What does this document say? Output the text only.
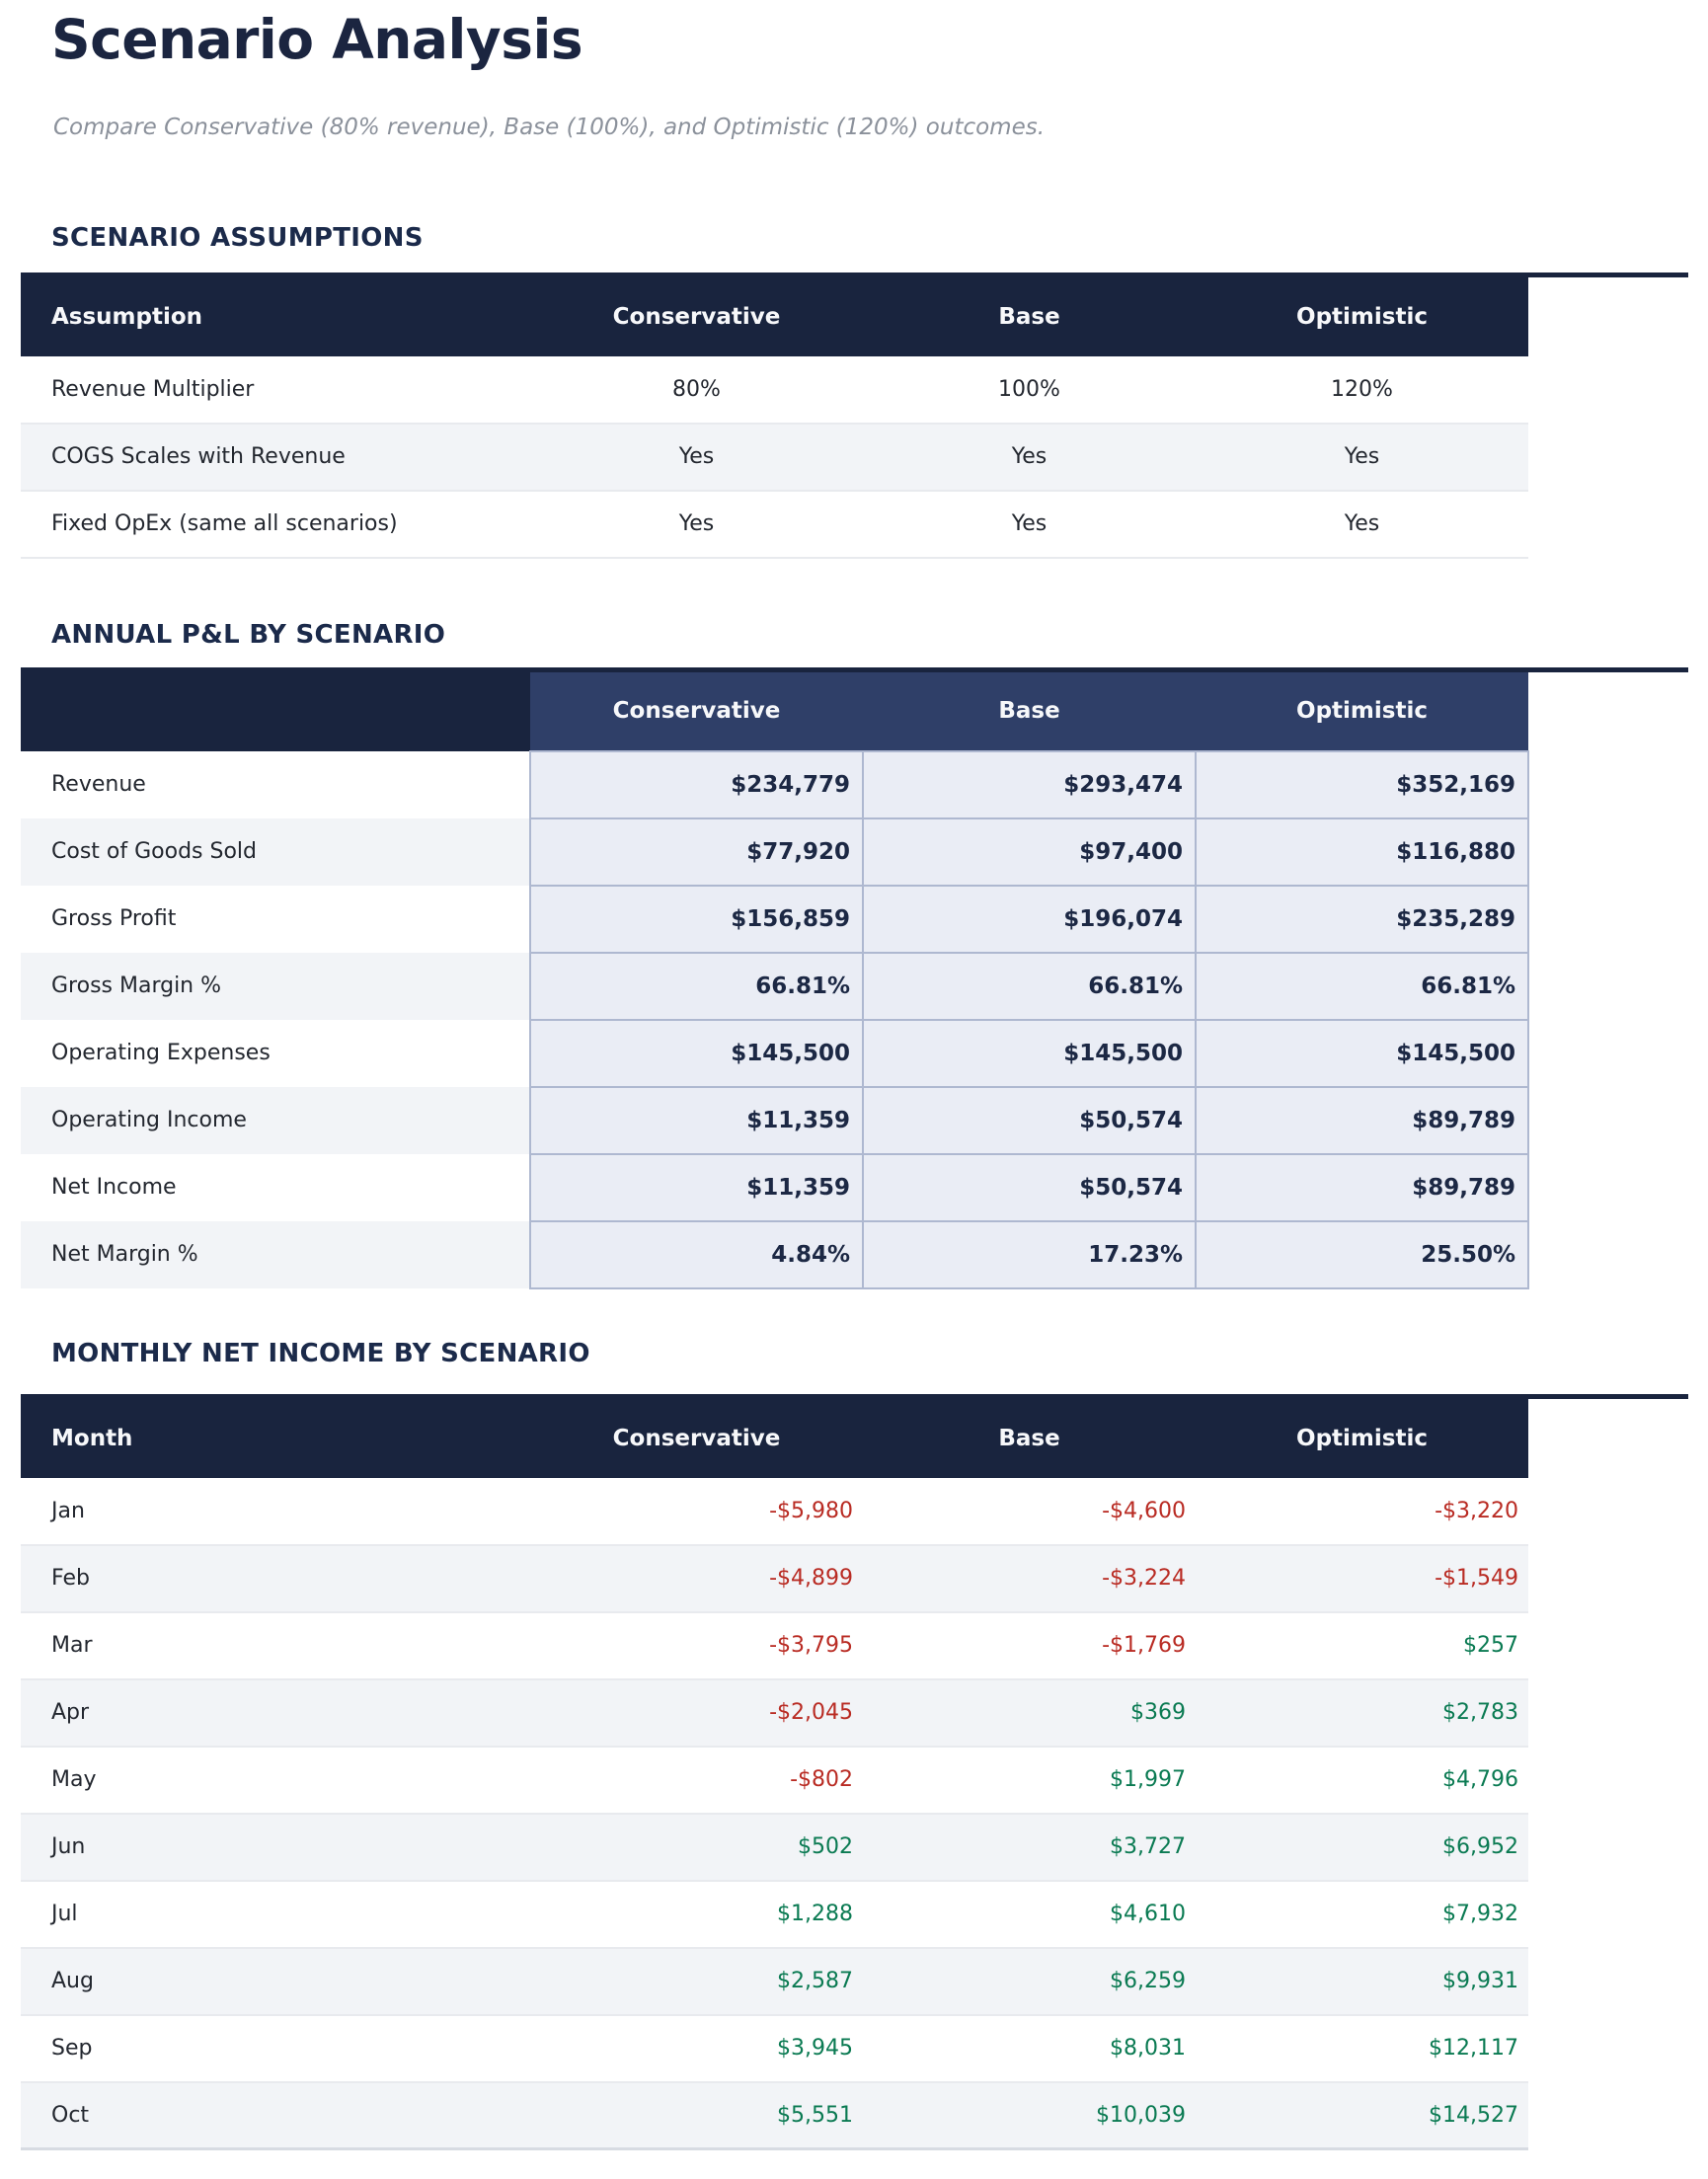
Scenario Analysis

Compare Conservative (80% revenue), Base (100%), and Optimistic (120%) outcomes.

SCENARIO ASSUMPTIONS
Assumption	Conservative	Base	Optimistic
Revenue Multiplier	80%	100%	120%
COGS Scales with Revenue	Yes	Yes	Yes
Fixed OpEx (same all scenarios)	Yes	Yes	Yes
ANNUAL P&L BY SCENARIO
	Conservative	Base	Optimistic
Revenue	$234,779	$293,474	$352,169
Cost of Goods Sold	$77,920	$97,400	$116,880
Gross Profit	$156,859	$196,074	$235,289
Gross Margin %	66.81%	66.81%	66.81%
Operating Expenses	$145,500	$145,500	$145,500
Operating Income	$11,359	$50,574	$89,789
Net Income	$11,359	$50,574	$89,789
Net Margin %	4.84%	17.23%	25.50%
MONTHLY NET INCOME BY SCENARIO
Month	Conservative	Base	Optimistic
Jan	-$5,980	-$4,600	-$3,220
Feb	-$4,899	-$3,224	-$1,549
Mar	-$3,795	-$1,769	$257
Apr	-$2,045	$369	$2,783
May	-$802	$1,997	$4,796
Jun	$502	$3,727	$6,952
Jul	$1,288	$4,610	$7,932
Aug	$2,587	$6,259	$9,931
Sep	$3,945	$8,031	$12,117
Oct	$5,551	$10,039	$14,527
